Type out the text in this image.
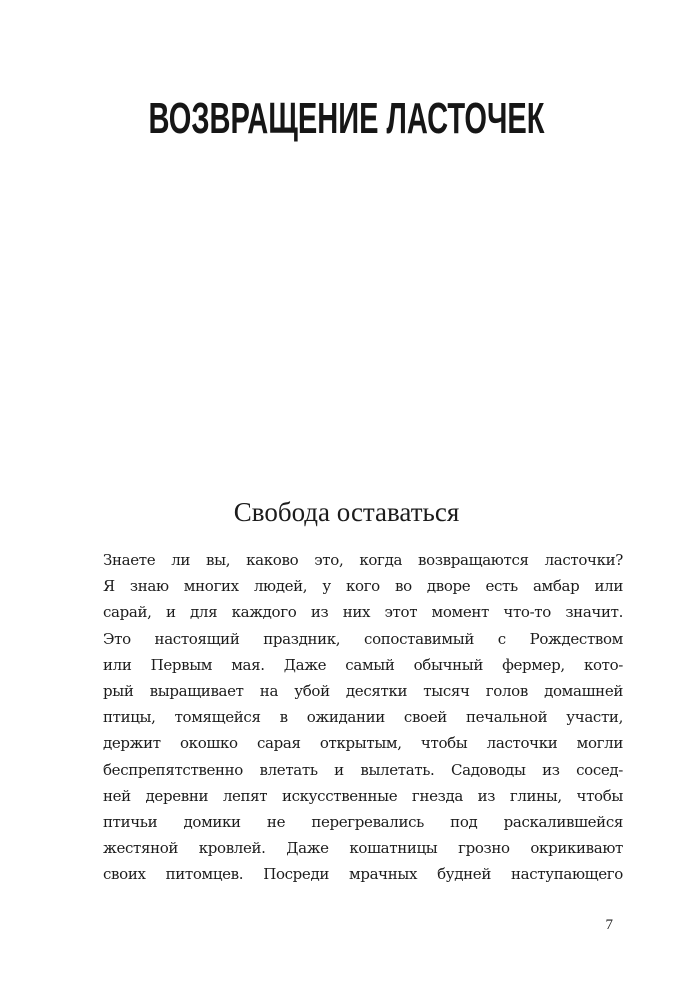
ВОЗВРАЩЕНИЕ ЛАСТОЧЕК
Свобода оставаться
Знаете ли вы, каково это, когда возвращаются ласточки?
Я знаю многих людей, у кого во дворе есть амбар или
сарай, и для каждого из них этот момент что-то значит.
Это настоящий праздник, сопоставимый с Рождеством
или Первым мая. Даже самый обычный фермер, кото-
рый выращивает на убой десятки тысяч голов домашней
птицы, томящейся в ожидании своей печальной участи,
держит окошко сарая открытым, чтобы ласточки могли
беспрепятственно влетать и вылетать. Садоводы из сосед-
ней деревни лепят искусственные гнезда из глины, чтобы
птичьи домики не перегревались под раскалившейся
жестяной кровлей. Даже кошатницы грозно окрикивают
своих питомцев. Посреди мрачных будней наступающего
7
